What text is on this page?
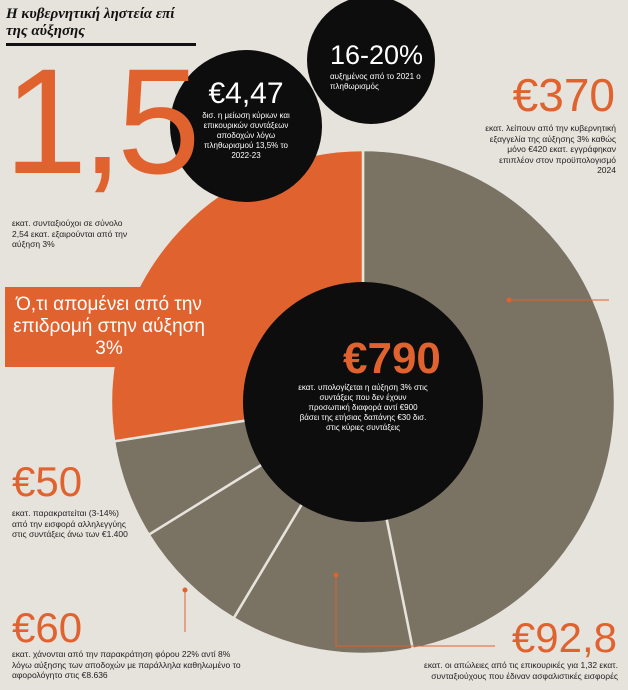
Η κυβερνητική ληστεία επί της αύξησης
1,5
εκατ. συνταξιούχοι σε σύνολο 2,54 εκατ. εξαιρούνται από την αύξηση 3%
€4,47
δισ. η μείωση κύριων και επικουρικών συντάξεων αποδοχών λόγω πληθωρισμού 13,5% το 2022-23
16-20%
αυξημένος από το 2021 ο πληθωρισμός	€370
εκατ. λείπουν από την κυβερνητική εξαγγελία της αύξησης 3% καθώς μόνο €420 εκατ. εγγράφηκαν επιπλέον στον προϋπολογισμό 2024
Ό,τι απομένει από την επιδρομή στην αύξηση 3%	€790
εκατ. υπολογίζεται η αύξηση 3% στις συντάξεις που δεν έχουν προσωπική διαφορά αντί €900 βάσει της ετήσιας δαπάνης €30 δισ. στις κύριες συντάξεις
€50
εκατ. παρακρατείται (3-14%) από την εισφορά αλληλεγγύης στις συντάξεις άνω των €1.400
€60
εκατ. χάνονται από την παρακράτηση φόρου 22% αντί 8% λόγω αύξησης των αποδοχών με παράλληλα καθηλωμένο το αφορολόγητο στις €8.636
€92,8
εκατ. οι απώλειες από τις επικουρικές για 1,32 εκατ. συνταξιούχους που έδιναν ασφαλιστικές εισφορές
